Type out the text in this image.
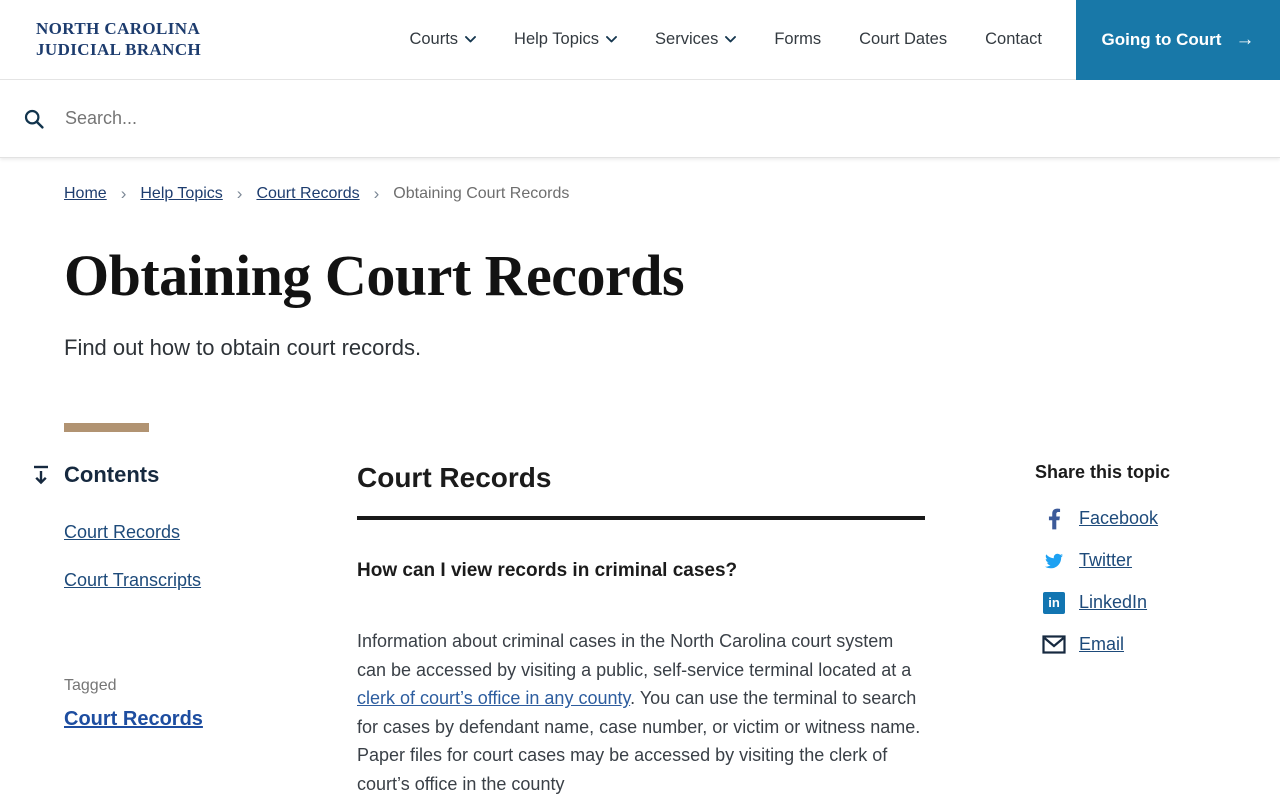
NORTH CAROLINA
JUDICIAL BRANCH
Courts	Help Topics	Services	Forms Court Dates Contact	Going to Court →
Search...
Home › Help Topics › Court Records › Obtaining Court Records
Obtaining Court Records

Find out how to obtain court records.

Contents
Court Records
Court Transcripts
Tagged
Court Records
Court Records
How can I view records in criminal cases?

Information about criminal cases in the North Carolina court system can be accessed by visiting a public, self-service terminal located at a clerk of court’s office in any county. You can use the terminal to search for cases by defendant name, case number, or victim or witness name. Paper files for court cases may be accessed by visiting the clerk of court’s office in the county

Share this topic
Facebook
Twitter
in LinkedIn
Email
